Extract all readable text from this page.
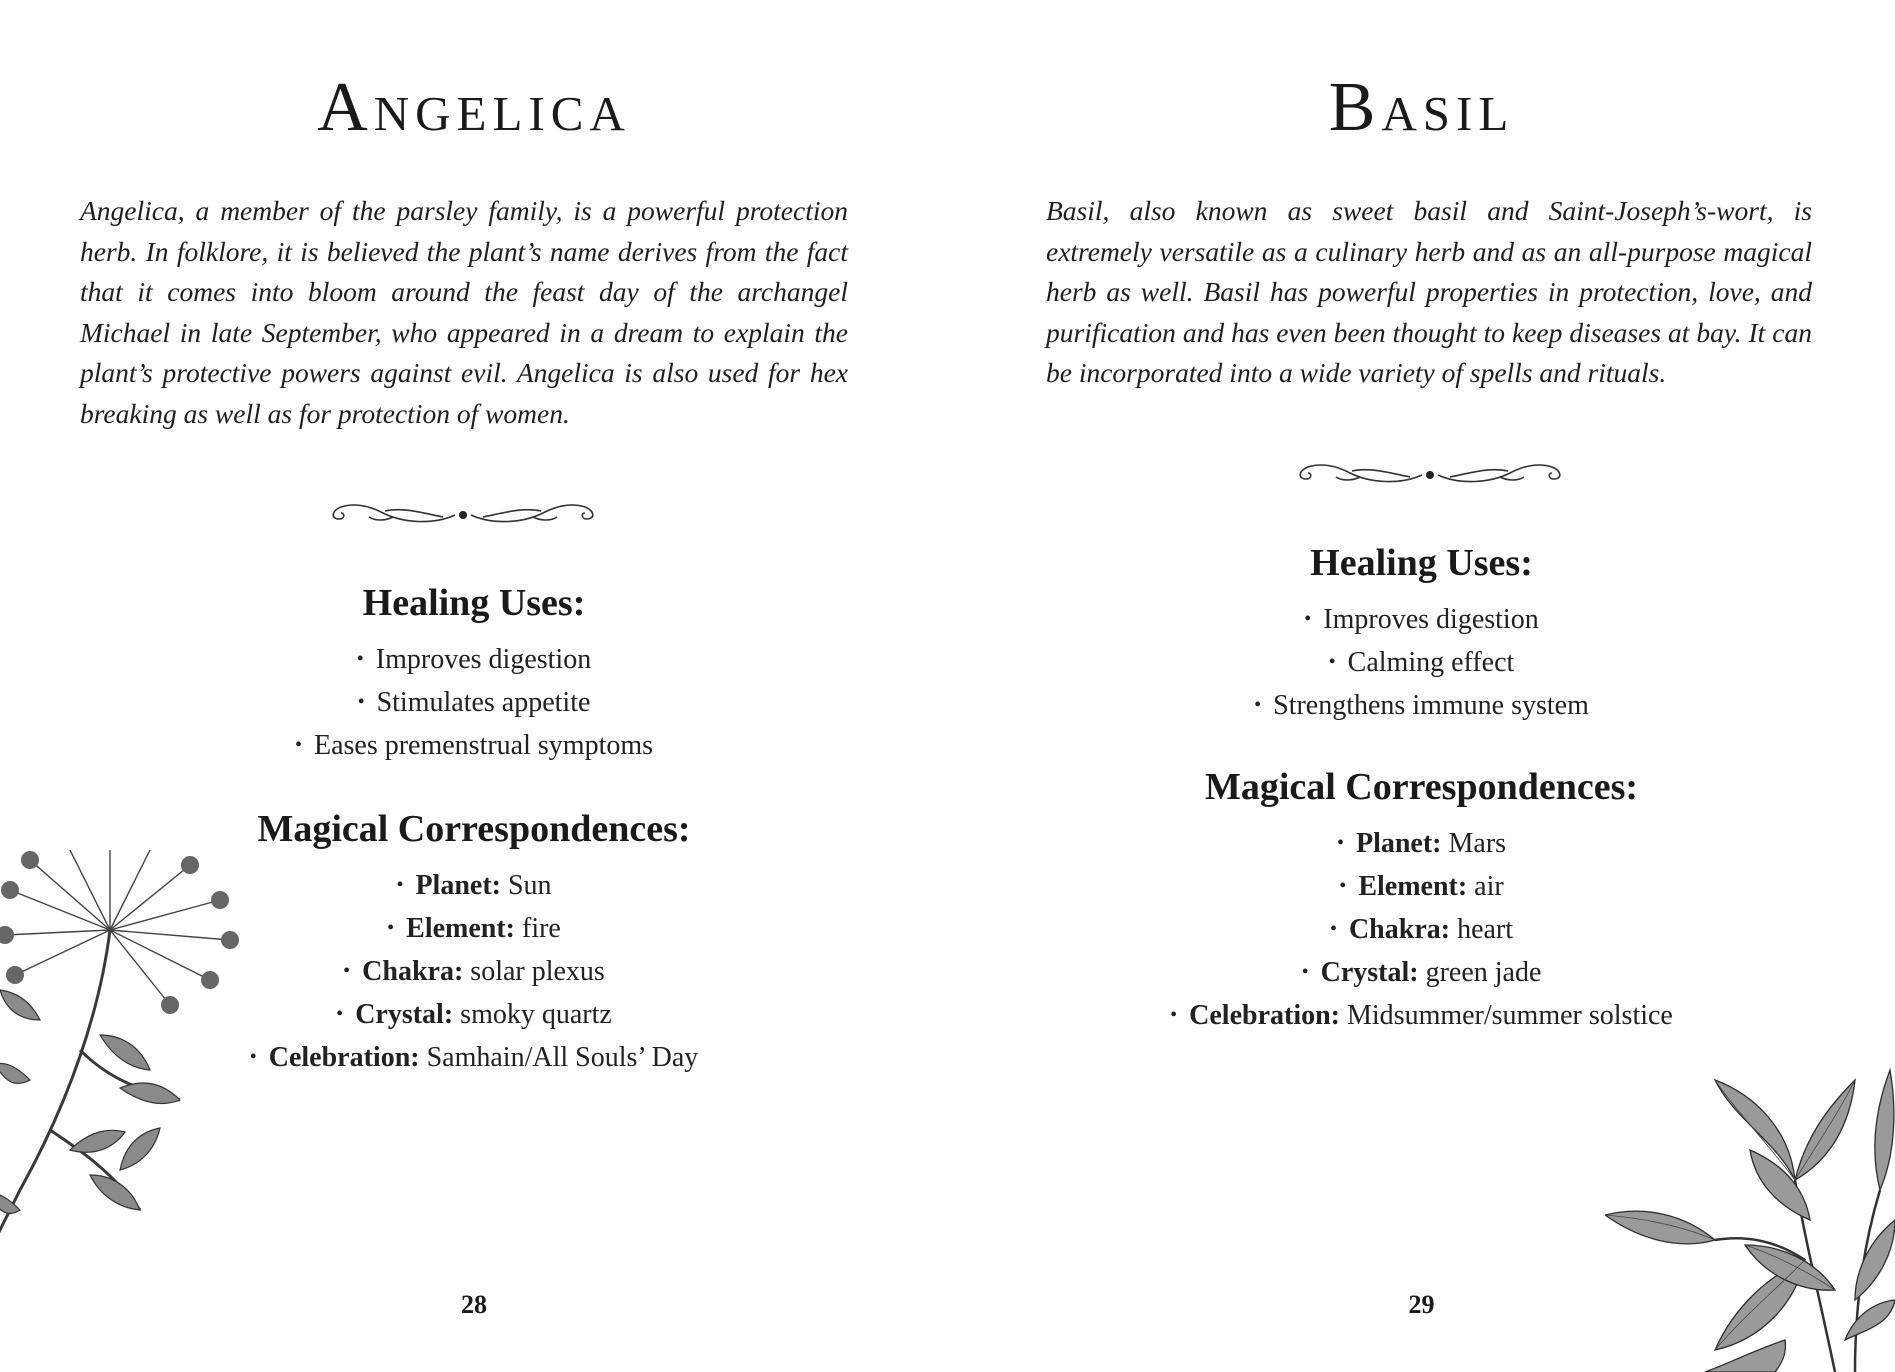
Angelica

Angelica, a member of the parsley family, is a powerful protection herb. In folklore, it is believed the plant’s name derives from the fact that it comes into bloom around the feast day of the archangel Michael in late September, who appeared in a dream to explain the plant’s protective powers against evil. Angelica is also used for hex breaking as well as for protection of women.

Healing Uses:
• Improves digestion
• Stimulates appetite
• Eases premenstrual symptoms
Magical Correspondences:
• Planet: Sun
• Element: fire
• Chakra: solar plexus
• Crystal: smoky quartz
• Celebration: Samhain/All Souls’ Day
28
Basil

Basil, also known as sweet basil and Saint-Joseph’s-wort, is extremely versatile as a culinary herb and as an all-purpose magical herb as well. Basil has powerful properties in protection, love, and purification and has even been thought to keep diseases at bay. It can be incorporated into a wide variety of spells and rituals.

Healing Uses:
• Improves digestion
• Calming effect
• Strengthens immune system
Magical Correspondences:
• Planet: Mars
• Element: air
• Chakra: heart
• Crystal: green jade
• Celebration: Midsummer/summer solstice
29
